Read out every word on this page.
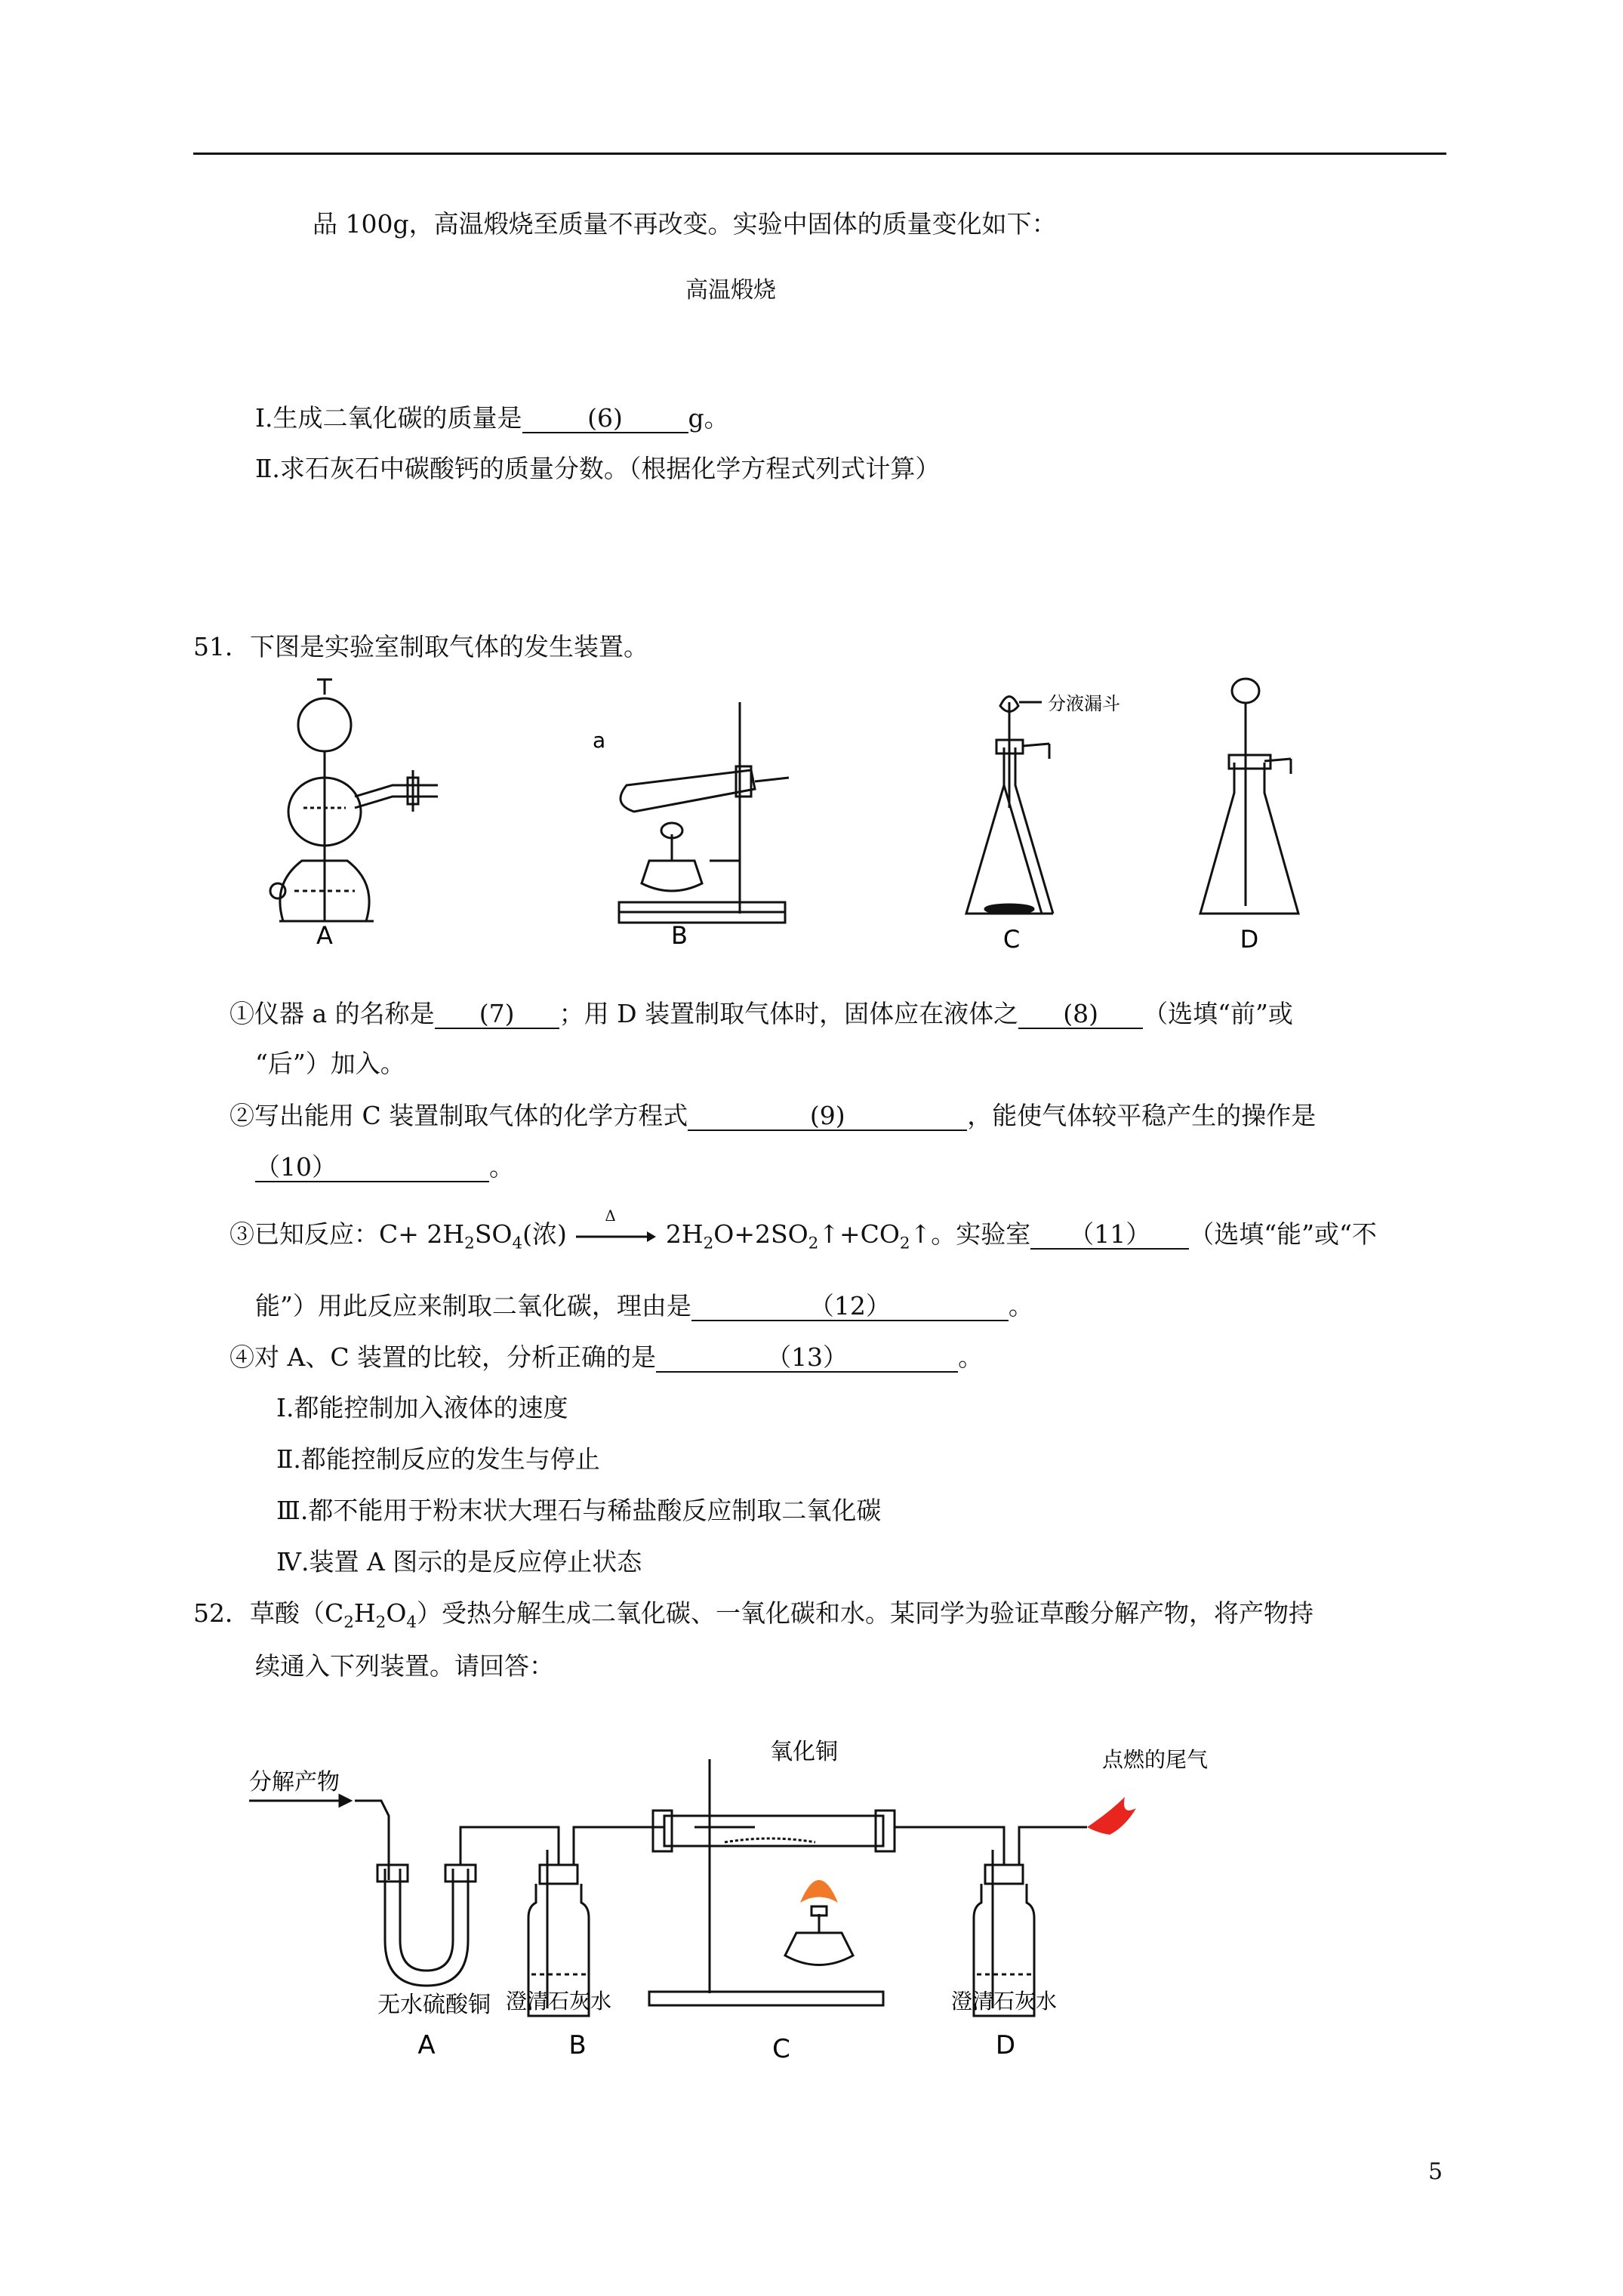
品 100g，高温煅烧至质量不再改变。实验中固体的质量变化如下：
高温煅烧
Ⅰ.生成二氧化碳的质量是	(6)	g。
Ⅱ.求石灰石中碳酸钙的质量分数。（根据化学方程式列式计算）
51．下图是实验室制取气体的发生装置。
A	B	C	D
a
分液漏斗
①仪器 a 的名称是 (7) ；用 D 装置制取气体时，固体应在液体之 (8) （选填“前”或
“后”）加入。
②写出能用 C 装置制取气体的化学方程式	(9)	，能使气体较平稳产生的操作是
（10）	。
③已知反应：$C+ 2H_2SO_4$(浓)
Δ
$2H_2O+2SO_2↑+CO_2↑$。实验室 （11） （选填“能”或“不
能”）用此反应来制取二氧化碳，理由是	（12）	。
④对 A、C 装置的比较，分析正确的是	（13）	。
Ⅰ.都能控制加入液体的速度
Ⅱ.都能控制反应的发生与停止
Ⅲ.都不能用于粉末状大理石与稀盐酸反应制取二氧化碳
Ⅳ.装置 A 图示的是反应停止状态
52．草酸$(C_2H_2O_4)$受热分解生成二氧化碳、一氧化碳和水。某同学为验证草酸分解产物，将产物持
续通入下列装置。请回答：
分解产物
氧化铜	点燃的尾气
无水硫酸铜 澄清石灰水	澄清石灰水
A	B	C	D
5
